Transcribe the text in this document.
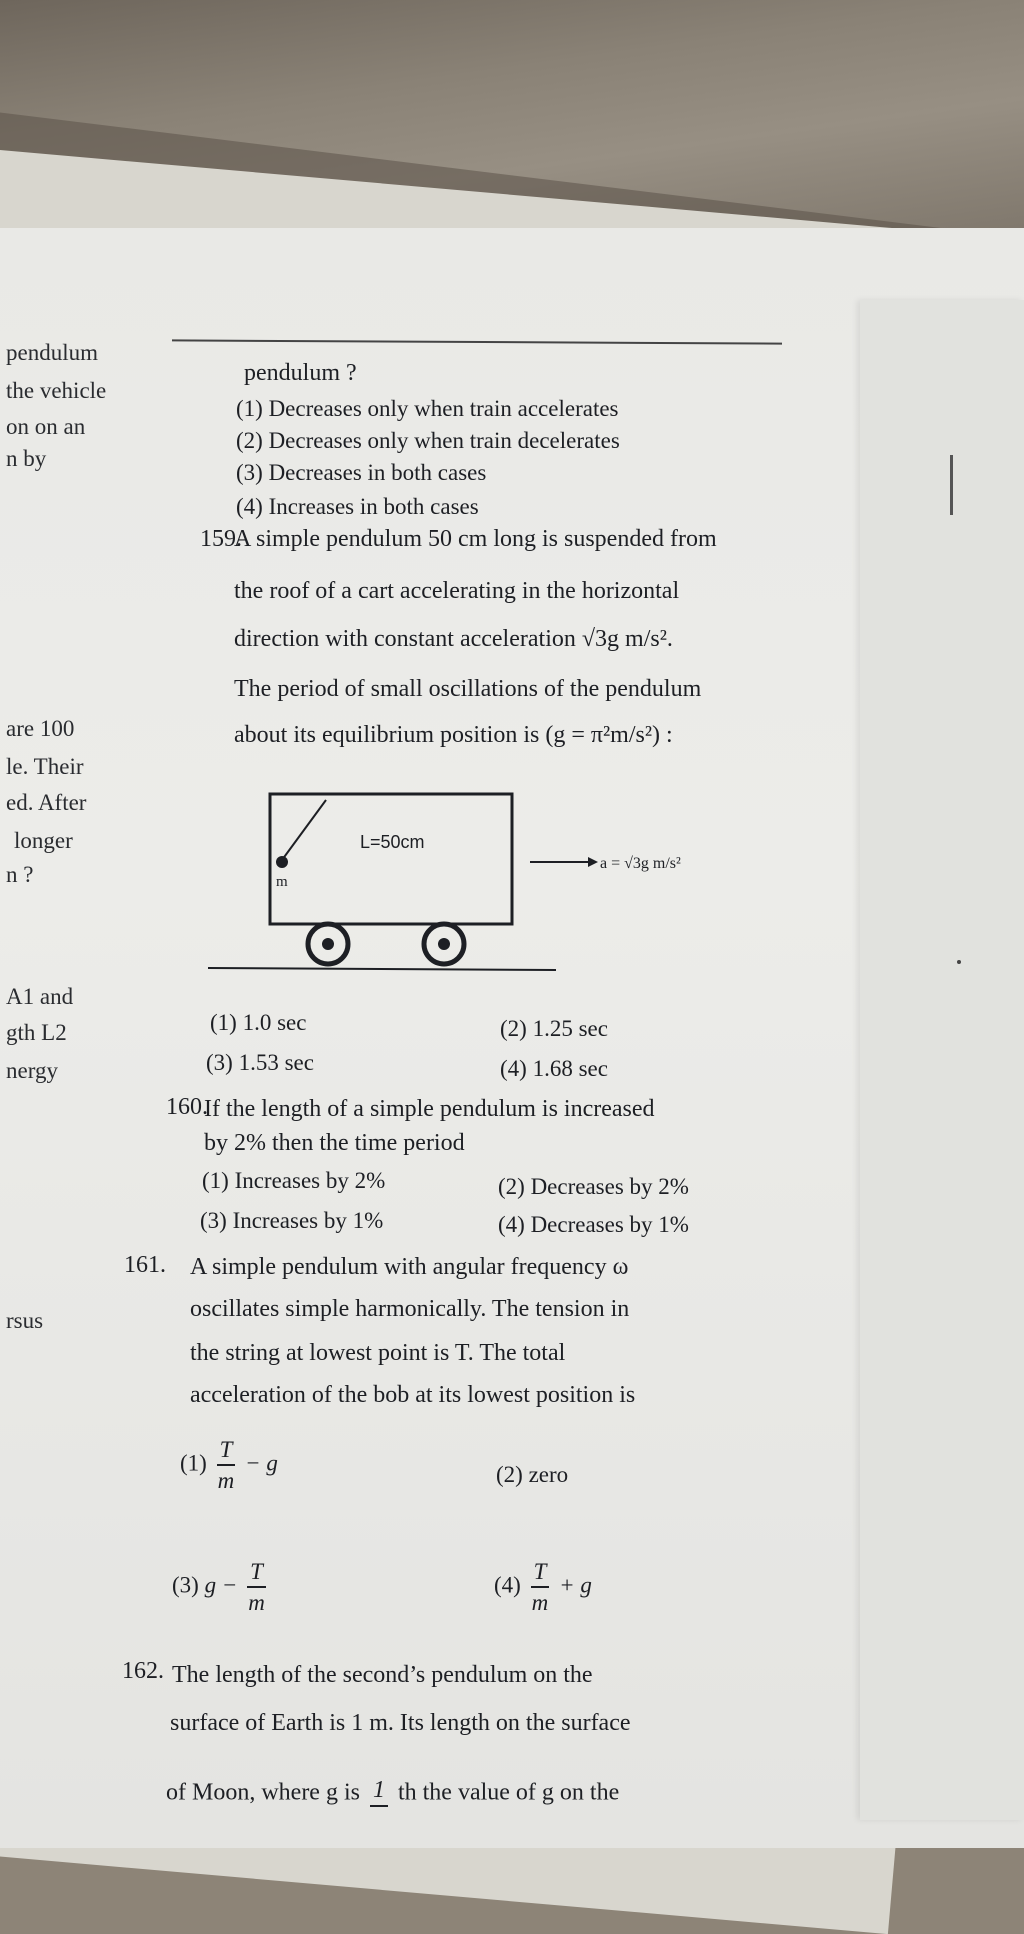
pendulum
the vehicle
on on an
n by
are 100
le. Their
ed. After
longer
n ?
A1 and
gth L2
nergy
rsus
pendulum ?
(1) Decreases only when train accelerates
(2) Decreases only when train decelerates
(3) Decreases in both cases
(4) Increases in both cases
159.
A simple pendulum 50 cm long is suspended from
the roof of a cart accelerating in the horizontal
direction with constant acceleration √3g m/s².
The period of small oscillations of the pendulum
about its equilibrium position is (g = π²m/s²) :
m
L=50cm
a = √3g m/s²
(1) 1.0 sec	(2) 1.25 sec
(3) 1.53 sec	(4) 1.68 sec
160.
If the length of a simple pendulum is increased
by 2% then the time period
(1) Increases by 2%	(2) Decreases by 2%
(3) Increases by 1%	(4) Decreases by 1%
161. A simple pendulum with angular frequency ω
oscillates simple harmonically. The tension in
the string at lowest point is T. The total
acceleration of the bob at its lowest position is
$(1) \frac{T}{m} - g$	(2) zero
(3) $g - \frac{T}{m}$	$(4) \frac{T}{m} + g$
162. The length of the second’s pendulum on the
surface of Earth is 1 m. Its length on the surface
of Moon, where g is 1 th the value of g on the
